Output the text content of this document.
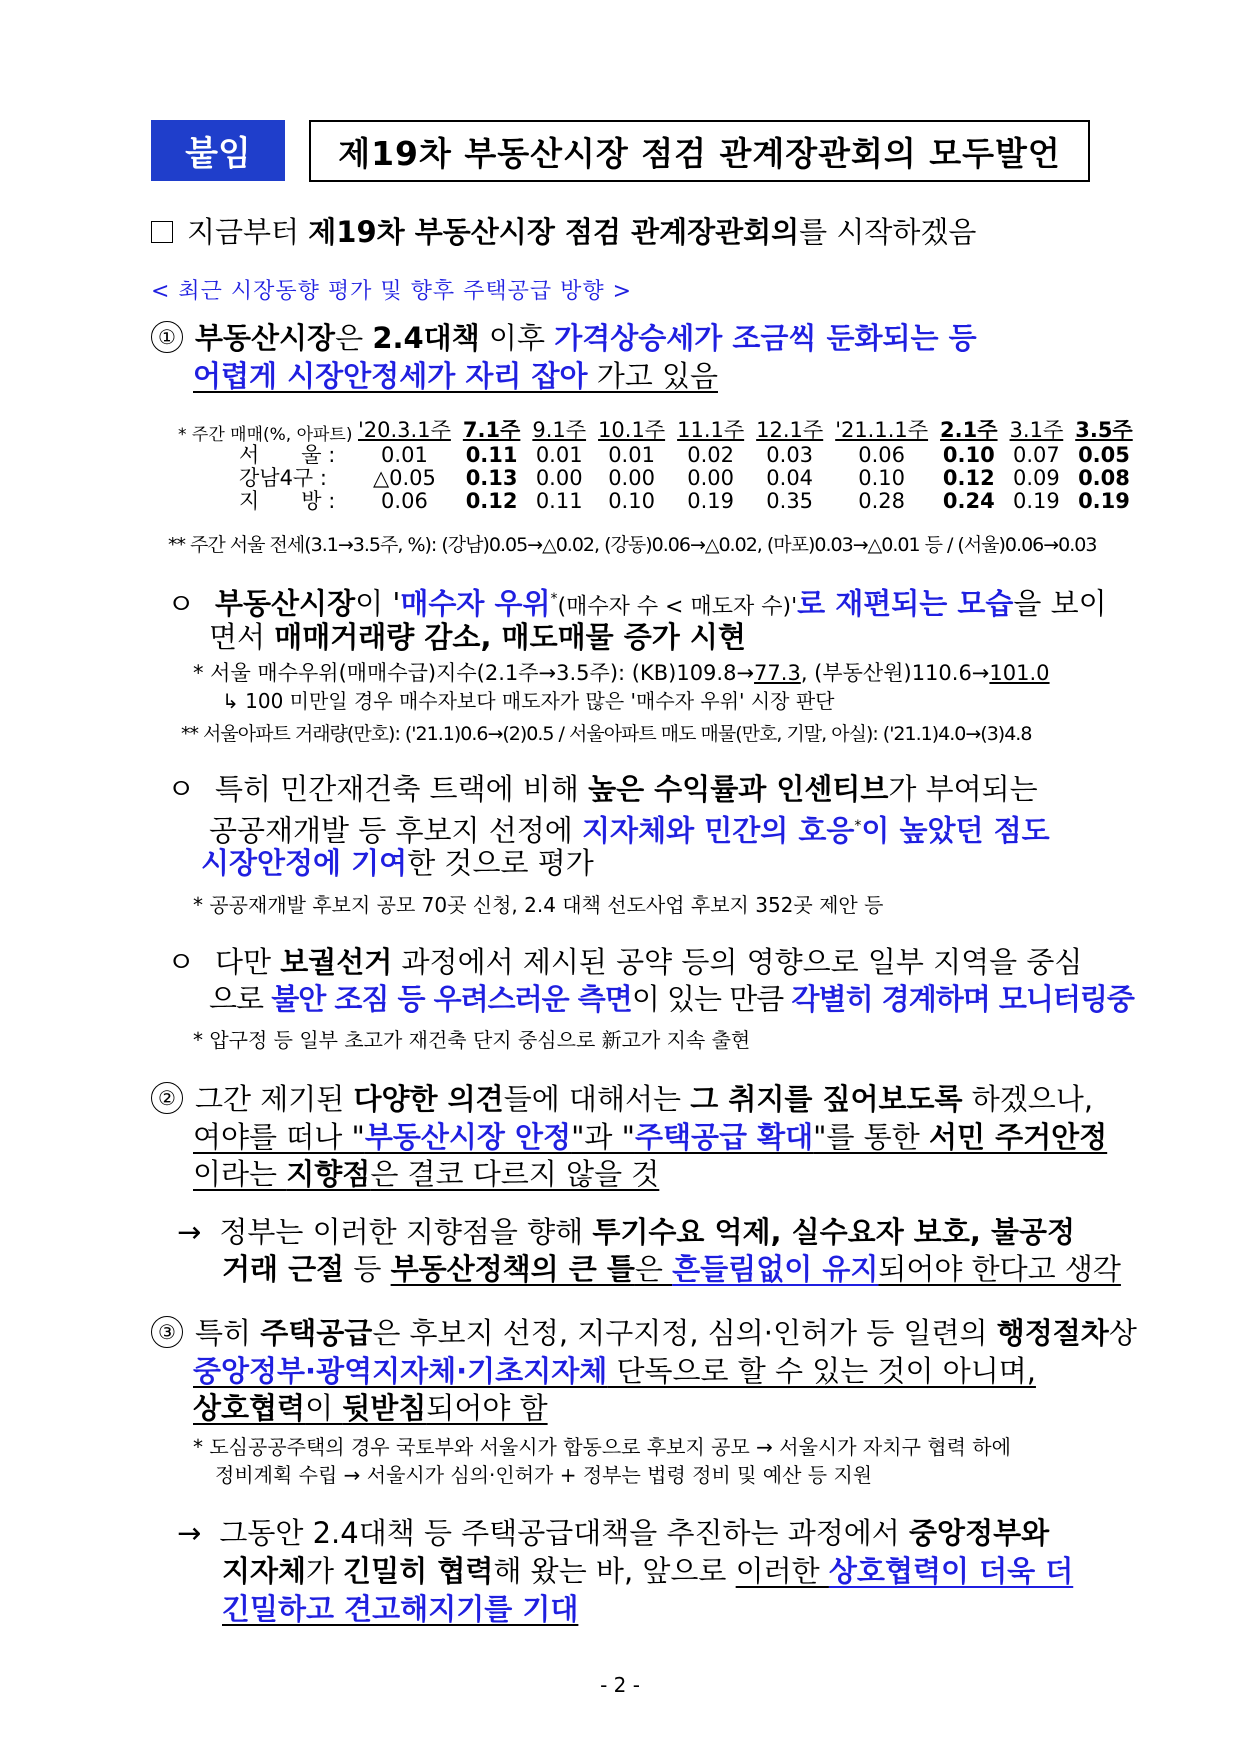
붙임	제19차 부동산시장 점검 관계장관회의 모두발언
지금부터 제19차 부동산시장 점검 관계장관회의를 시작하겠음
< 최근 시장동향 평가 및 향후 주택공급 방향 >
① 부동산시장은 2.4대책 이후 가격상승세가 조금씩 둔화되는 등
어렵게 시장안정세가 자리 잡아 가고 있음
* 주간 매매(%, 아파트)
	'20.3.1주	7.1주	9.1주	10.1주	11.1주	12.1주	'21.1.1주	2.1주	3.1주	3.5주
서　　울 :	0.01	0.11	0.01	0.01	0.02	0.03	0.06	0.10	0.07	0.05
강남4구 :	△0.05	0.13	0.00	0.00	0.00	0.04	0.10	0.12	0.09	0.08
지　　방 :	0.06	0.12	0.11	0.10	0.19	0.35	0.28	0.24	0.19	0.19
** 주간 서울 전세(3.1→3.5주, %): (강남)0.05→△0.02, (강동)0.06→△0.02, (마포)0.03→△0.01 등 / (서울)0.06→0.03
ㅇ 부동산시장이 '매수자 우위*(매수자 수 < 매도자 수)'로 재편되는 모습을 보이
면서 매매거래량 감소, 매도매물 증가 시현
* 서울 매수우위(매매수급)지수(2.1주→3.5주): (KB)109.8→77.3, (부동산원)110.6→101.0
↳ 100 미만일 경우 매수자보다 매도자가 많은 '매수자 우위' 시장 판단
** 서울아파트 거래량(만호): ('21.1)0.6→(2)0.5 / 서울아파트 매도 매물(만호, 기말, 아실): ('21.1)4.0→(3)4.8
ㅇ 특히 민간재건축 트랙에 비해 높은 수익률과 인센티브가 부여되는
공공재개발 등 후보지 선정에 지자체와 민간의 호응*이 높았던 점도
시장안정에 기여한 것으로 평가
* 공공재개발 후보지 공모 70곳 신청, 2.4 대책 선도사업 후보지 352곳 제안 등
ㅇ 다만 보궐선거 과정에서 제시된 공약 등의 영향으로 일부 지역을 중심
으로 불안 조짐 등 우려스러운 측면이 있는 만큼 각별히 경계하며 모니터링중
* 압구정 등 일부 초고가 재건축 단지 중심으로 新고가 지속 출현
② 그간 제기된 다양한 의견들에 대해서는 그 취지를 짚어보도록 하겠으나,
여야를 떠나 "부동산시장 안정"과 "주택공급 확대"를 통한 서민 주거안정
이라는 지향점은 결코 다르지 않을 것
→ 정부는 이러한 지향점을 향해 투기수요 억제, 실수요자 보호, 불공정
거래 근절 등 부동산정책의 큰 틀은 흔들림없이 유지되어야 한다고 생각
③ 특히 주택공급은 후보지 선정, 지구지정, 심의·인허가 등 일련의 행정절차상
중앙정부·광역지자체·기초지자체 단독으로 할 수 있는 것이 아니며,
상호협력이 뒷받침되어야 함
* 도심공공주택의 경우 국토부와 서울시가 합동으로 후보지 공모 → 서울시가 자치구 협력 하에
정비계획 수립 → 서울시가 심의·인허가 + 정부는 법령 정비 및 예산 등 지원
→ 그동안 2.4대책 등 주택공급대책을 추진하는 과정에서 중앙정부와
지자체가 긴밀히 협력해 왔는 바, 앞으로 이러한 상호협력이 더욱 더
긴밀하고 견고해지기를 기대
- 2 -
